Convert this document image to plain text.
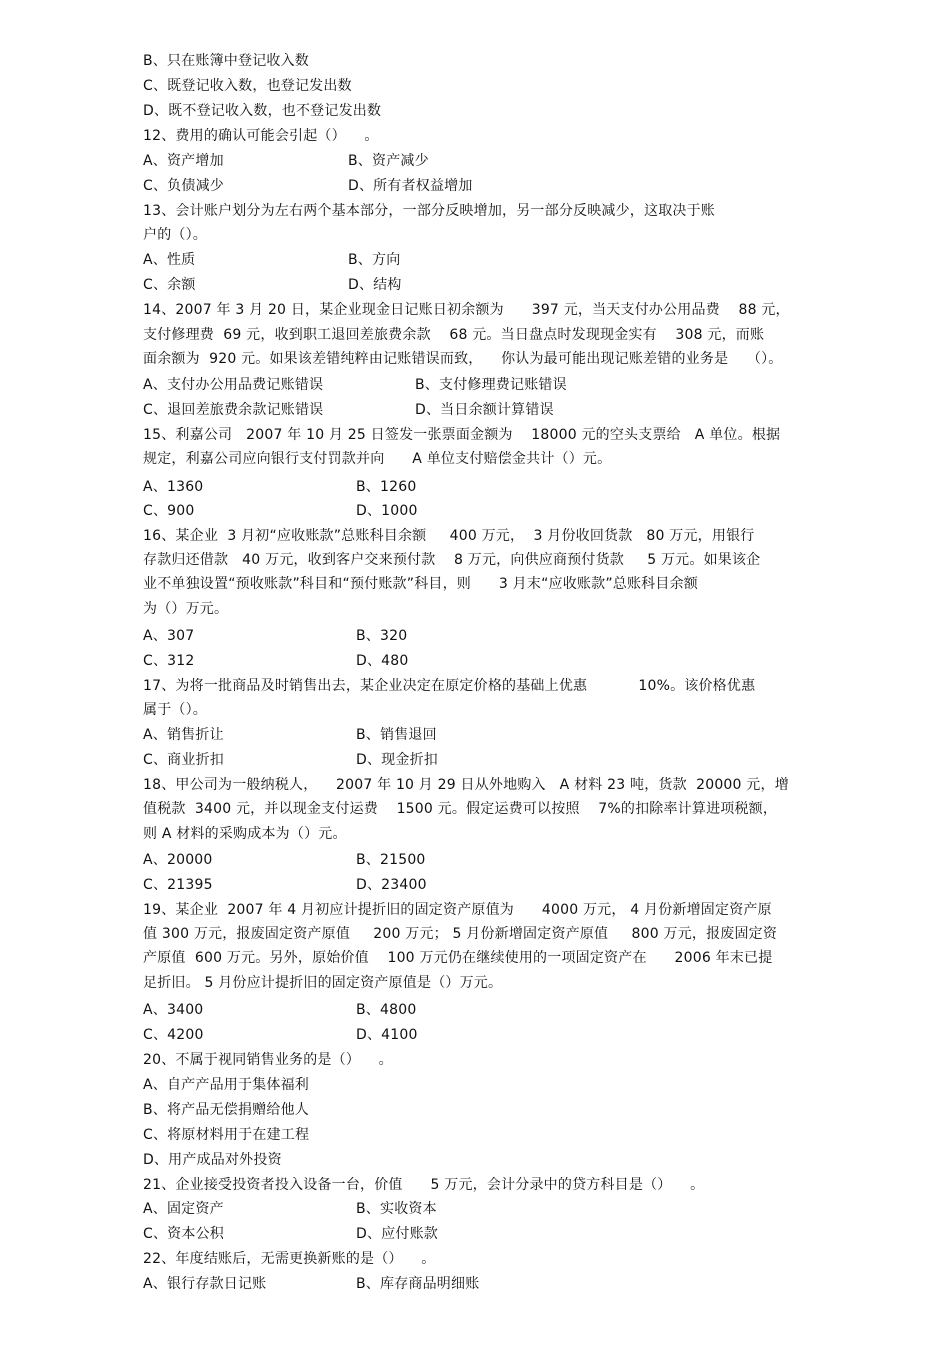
B、只在账簿中登记收入数
C、既登记收入数，也登记发出数
D、既不登记收入数，也不登记发出数
12、费用的确认可能会引起（）    。
A、资产增加	B、资产减少
C、负债减少	D、所有者权益增加
13、会计账户划分为左右两个基本部分，一部分反映增加，另一部分反映减少，这取决于账
户的（）。
A、性质	B、方向
C、余额	D、结构
14、2007 年 3 月 20 日，某企业现金日记账日初余额为      397 元，当天支付办公用品费    88 元，
支付修理费  69 元，收到职工退回差旅费余款    68 元。当日盘点时发现现金实有    308 元，而账
面余额为  920 元。如果该差错纯粹由记账错误而致，    你认为最可能出现记账差错的业务是    （）。
A、支付办公用品费记账错误	B、支付修理费记账错误
C、退回差旅费余款记账错误	D、当日余额计算错误
15、利嘉公司   2007 年 10 月 25 日签发一张票面金额为    18000 元的空头支票给   A 单位。根据
规定，利嘉公司应向银行支付罚款并向      A 单位支付赔偿金共计（）元。
A、1360	B、1260
C、900	D、1000
16、某企业  3 月初“应收账款”总账科目余额     400 万元，  3 月份收回货款   80 万元，用银行
存款归还借款   40 万元，收到客户交来预付款    8 万元，向供应商预付货款     5 万元。如果该企
业不单独设置“预收账款”科目和“预付账款”科目，则      3 月末“应收账款”总账科目余额
为（）万元。
A、307	B、320
C、312	D、480
17、为将一批商品及时销售出去，某企业决定在原定价格的基础上优惠           10%。该价格优惠
属于（）。
A、销售折让	B、销售退回
C、商业折扣	D、现金折扣
18、甲公司为一般纳税人，    2007 年 10 月 29 日从外地购入   A 材料 23 吨，货款  20000 元，增
值税款  3400 元，并以现金支付运费    1500 元。假定运费可以按照    7%的扣除率计算进项税额，
则 A 材料的采购成本为（）元。
A、20000	B、21500
C、21395	D、23400
19、某企业  2007 年 4 月初应计提折旧的固定资产原值为      4000 万元， 4 月份新增固定资产原
值 300 万元，报废固定资产原值     200 万元； 5 月份新增固定资产原值     800 万元，报废固定资
产原值  600 万元。另外，原始价值    100 万元仍在继续使用的一项固定资产在      2006 年末已提
足折旧。 5 月份应计提折旧的固定资产原值是（）万元。
A、3400	B、4800
C、4200	D、4100
20、不属于视同销售业务的是（）    。
A、自产产品用于集体福利
B、将产品无偿捐赠给他人
C、将原材料用于在建工程
D、用产成品对外投资
21、企业接受投资者投入设备一台，价值      5 万元，会计分录中的贷方科目是（）    。
A、固定资产	B、实收资本
C、资本公积	D、应付账款
22、年度结账后，无需更换新账的是（）    。
A、银行存款日记账	B、库存商品明细账
